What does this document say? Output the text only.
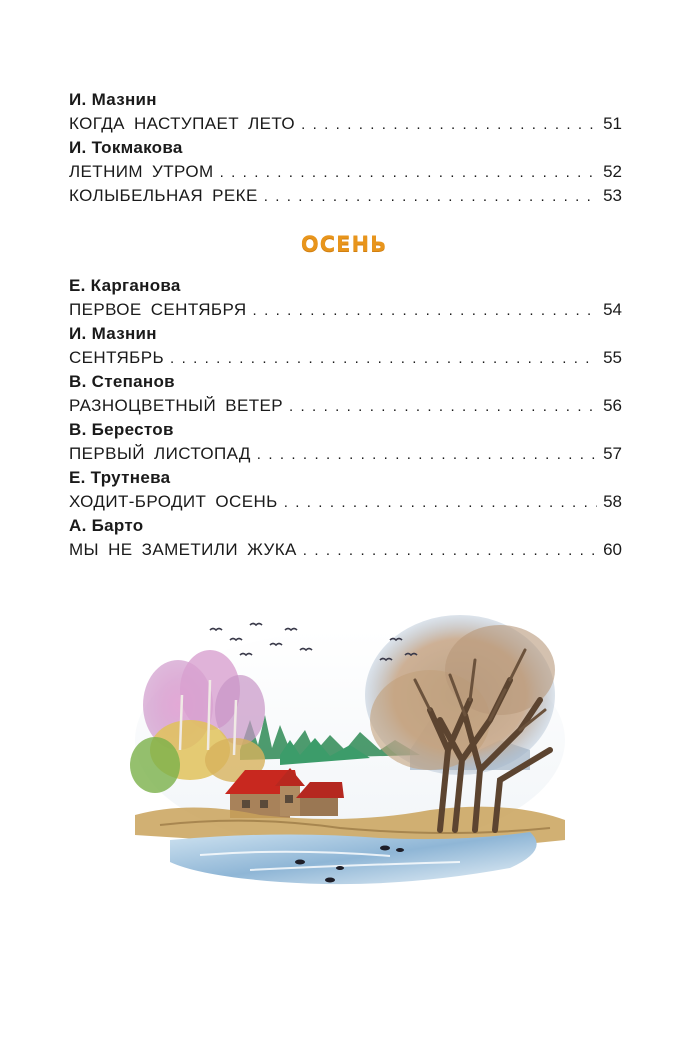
И. Мазнин
КОГДА НАСТУПАЕТ ЛЕТО . . .	51
И. Токмакова
ЛЕТНИМ УТРОМ . . .	52
КОЛЫБЕЛЬНАЯ РЕКЕ . . .	53
ОСЕНЬ
Е. Карганова
ПЕРВОЕ СЕНТЯБРЯ . . .	54
И. Мазнин
СЕНТЯБРЬ . . .	55
В. Степанов
РАЗНОЦВЕТНЫЙ ВЕТЕР . . .	56
В. Берестов
ПЕРВЫЙ ЛИСТОПАД . . .	57
Е. Трутнева
ХОДИТ-БРОДИТ ОСЕНЬ . . .	58
А. Барто
МЫ НЕ ЗАМЕТИЛИ ЖУКА . . .	60
